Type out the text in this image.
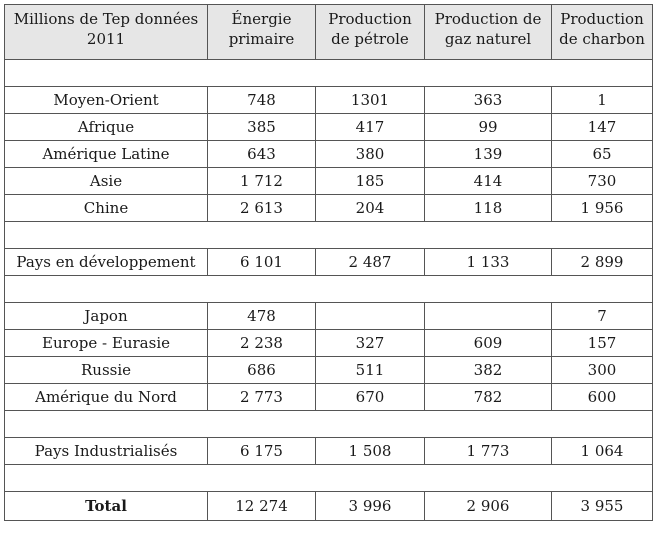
Millions de Tep données 2011	Énergie primaire	Production de pétrole	Production de gaz naturel	Production de charbon

Moyen-Orient	748	1301	363	1
Afrique	385	417	99	147
Amérique Latine	643	380	139	65
Asie	1 712	185	414	730
Chine	2 613	204	118	1 956

Pays en développement	6 101	2 487	1 133	2 899

Japon	478			7
Europe - Eurasie	2 238	327	609	157
Russie	686	511	382	300
Amérique du Nord	2 773	670	782	600

Pays Industrialisés	6 175	1 508	1 773	1 064

Total	12 274	3 996	2 906	3 955
